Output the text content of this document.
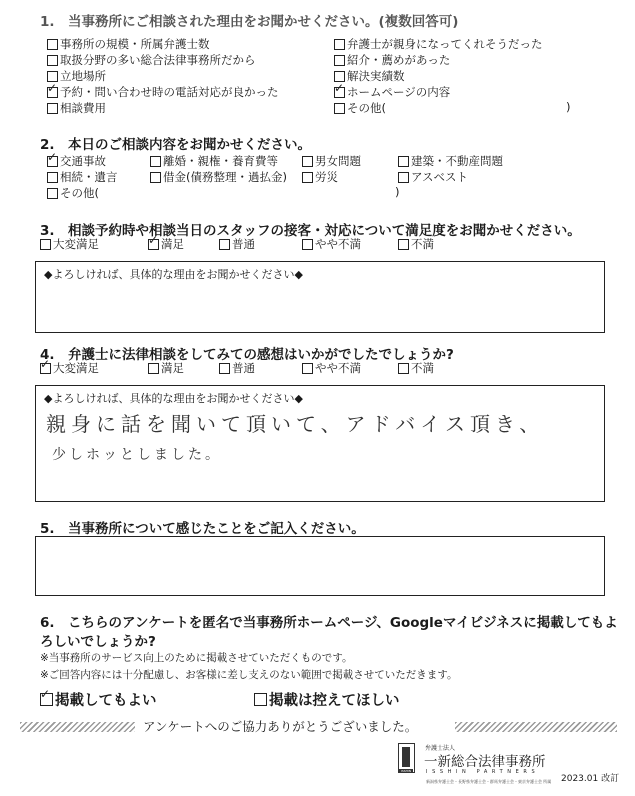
1.　当事務所にご相談された理由をお聞かせください。(複数回答可)
事務所の規模・所属弁護士数
取扱分野の多い総合法律事務所だから
立地場所
✓
予約・問い合わせ時の電話対応が良かった
相談費用
弁護士が親身になってくれそうだった
紹介・薦めがあった
解決実績数
✓
ホームページの内容
その他(	)
2.　本日のご相談内容をお聞かせください。
✓
交通事故	離婚・親権・養育費等	男女問題	建築・不動産問題
相続・遺言	借金(債務整理・過払金) 労災	アスベスト
その他(	)
3.　相談予約時や相談当日のスタッフの接客・対応について満足度をお聞かせください。
大変満足
✓	満足	普通	やや不満	不満
◆よろしければ、具体的な理由をお聞かせください◆
4.　弁護士に法律相談をしてみての感想はいかがでしたでしょうか?
✓
大変満足	満足	普通	やや不満	不満
◆よろしければ、具体的な理由をお聞かせください◆
親身に話を聞いて頂いて、アドバイス頂き、
少しホッとしました。
5.　当事務所について感じたことをご記入ください。
6.　こちらのアンケートを匿名で当事務所ホームページ、Googleマイビジネスに掲載してもよ
ろしいでしょうか?
※当事務所のサービス向上のために掲載させていただくものです。
※ご回答内容には十分配慮し、お客様に差し支えのない範囲で掲載させていただきます。
✓
掲載してもよい	掲載は控えてほしい
アンケートへのご協力ありがとうございました。
ISSHIN
弁護士法人
一新総合法律事務所
ISSHIN PARTNERS
新潟県弁護士会・長野県弁護士会・群馬弁護士会・東京弁護士会 所属 2023.01 改訂
